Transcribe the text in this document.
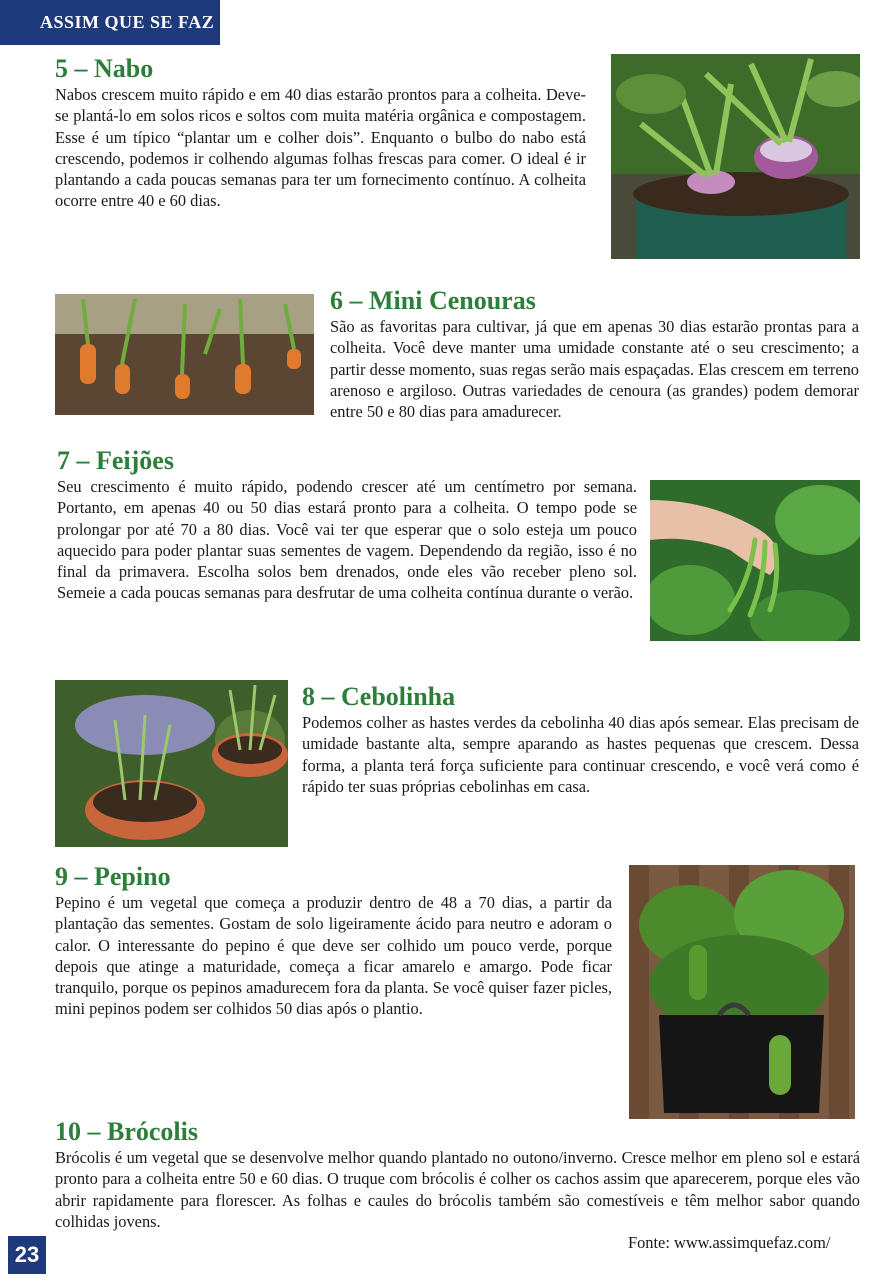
ASSIM QUE SE FAZ
5 – Nabo

Nabos crescem muito rápido e em 40 dias estarão prontos para a colheita. Deve-se plantá-lo em solos ricos e soltos com muita matéria orgânica e compostagem. Esse é um típico “plantar um e colher dois”. Enquanto o bulbo do nabo está crescendo, podemos ir colhendo algumas folhas frescas para comer. O ideal é ir plantando a cada poucas semanas para ter um fornecimento contínuo. A colheita ocorre entre 40 e 60 dias.

6 – Mini Cenouras

São as favoritas para cultivar, já que em apenas 30 dias estarão prontas para a colheita. Você deve manter uma umidade constante até o seu crescimento; a partir desse momento, suas regas serão mais espaçadas. Elas crescem em terreno arenoso e argiloso. Outras variedades de cenoura (as grandes) podem demorar entre 50 e 80 dias para amadurecer.

7 – Feijões

Seu crescimento é muito rápido, podendo crescer até um centímetro por semana. Portanto, em apenas 40 ou 50 dias estará pronto para a colheita. O tempo pode se prolongar por até 70 a 80 dias. Você vai ter que esperar que o solo esteja um pouco aquecido para poder plantar suas sementes de vagem. Dependendo da região, isso é no final da primavera. Escolha solos bem drenados, onde eles vão receber pleno sol. Semeie a cada poucas semanas para desfrutar de uma colheita contínua durante o verão.

8 – Cebolinha

Podemos colher as hastes verdes da cebolinha 40 dias após semear. Elas precisam de umidade bastante alta, sempre aparando as hastes pequenas que crescem. Dessa forma, a planta terá força suficiente para continuar crescendo, e você verá como é rápido ter suas próprias cebolinhas em casa.

9 – Pepino

Pepino é um vegetal que começa a produzir dentro de 48 a 70 dias, a partir da plantação das sementes. Gostam de solo ligeiramente ácido para neutro e adoram o calor. O interessante do pepino é que deve ser colhido um pouco verde, porque depois que atinge a maturidade, começa a ficar amarelo e amargo. Pode ficar tranquilo, porque os pepinos amadurecem fora da planta. Se você quiser fazer picles, mini pepinos podem ser colhidos 50 dias após o plantio.

10 – Brócolis

Brócolis é um vegetal que se desenvolve melhor quando plantado no outono/inverno. Cresce melhor em pleno sol e estará pronto para a colheita entre 50 e 60 dias. O truque com brócolis é colher os cachos assim que aparecerem, porque eles vão abrir rapidamente para florescer. As folhas e caules do brócolis também são comestíveis e têm melhor sabor quando colhidas jovens.

23	Fonte: www.assimquefaz.com/
